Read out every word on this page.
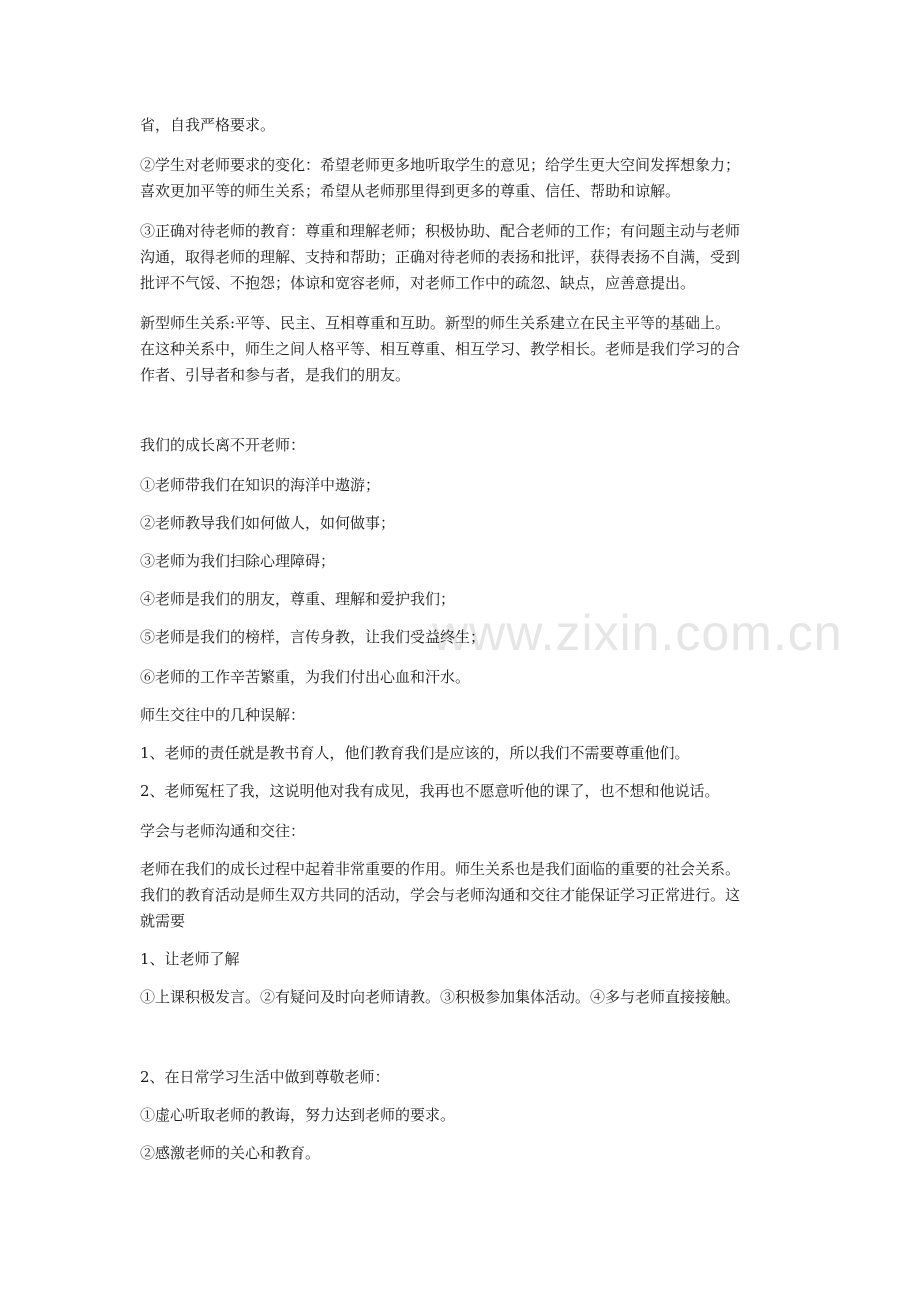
www.zixin.com.cn
省，自我严格要求。
②学生对老师要求的变化：希望老师更多地听取学生的意见；给学生更大空间发挥想象力；
喜欢更加平等的师生关系；希望从老师那里得到更多的尊重、信任、帮助和谅解。
③正确对待老师的教育：尊重和理解老师；积极协助、配合老师的工作；有问题主动与老师
沟通，取得老师的理解、支持和帮助；正确对待老师的表扬和批评，获得表扬不自满，受到
批评不气馁、不抱怨；体谅和宽容老师，对老师工作中的疏忽、缺点，应善意提出。
新型师生关系:平等、民主、互相尊重和互助。新型的师生关系建立在民主平等的基础上。
在这种关系中，师生之间人格平等、相互尊重、相互学习、教学相长。老师是我们学习的合
作者、引导者和参与者，是我们的朋友。
我们的成长离不开老师：
①老师带我们在知识的海洋中遨游；
②老师教导我们如何做人，如何做事；
③老师为我们扫除心理障碍；
④老师是我们的朋友，尊重、理解和爱护我们；
⑤老师是我们的榜样，言传身教，让我们受益终生；
⑥老师的工作辛苦繁重，为我们付出心血和汗水。
师生交往中的几种误解：
1、老师的责任就是教书育人，他们教育我们是应该的，所以我们不需要尊重他们。
2、老师冤枉了我，这说明他对我有成见，我再也不愿意听他的课了，也不想和他说话。
学会与老师沟通和交往：
老师在我们的成长过程中起着非常重要的作用。师生关系也是我们面临的重要的社会关系。
我们的教育活动是师生双方共同的活动，学会与老师沟通和交往才能保证学习正常进行。这
就需要
1、让老师了解
①上课积极发言。②有疑问及时向老师请教。③积极参加集体活动。④多与老师直接接触。
2、在日常学习生活中做到尊敬老师：
①虚心听取老师的教诲，努力达到老师的要求。
②感激老师的关心和教育。
